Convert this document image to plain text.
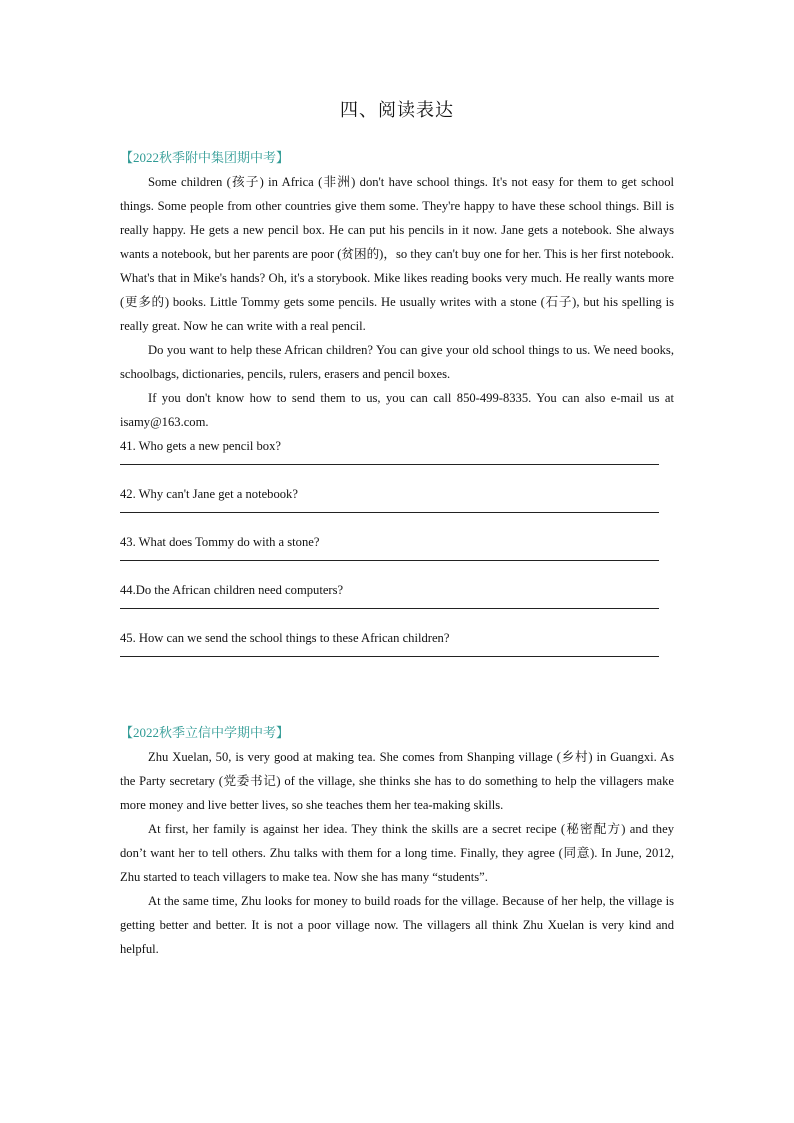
四、阅读表达
【2022秋季附中集团期中考】

Some children (孩子) in Africa (非洲) don't have school things. It's not easy for them to get school things. Some people from other countries give them some. They're happy to have these school things. Bill is really happy. He gets a new pencil box. He can put his pencils in it now. Jane gets a notebook. She always wants a notebook, but her parents are poor (贫困的)，so they can't buy one for her. This is her first notebook. What's that in Mike's hands? Oh, it's a storybook. Mike likes reading books very much. He really wants more (更多的) books. Little Tommy gets some pencils. He usually writes with a stone (石子), but his spelling is really great. Now he can write with a real pencil.

Do you want to help these African children? You can give your old school things to us. We need books, schoolbags, dictionaries, pencils, rulers, erasers and pencil boxes.

If you don't know how to send them to us, you can call 850-499-8335. You can also e-mail us at isamy@163.com.

41. Who gets a new pencil box?
42. Why can't Jane get a notebook?
43. What does Tommy do with a stone?
44.Do the African children need computers?
45. How can we send the school things to these African children?
【2022秋季立信中学期中考】

Zhu Xuelan, 50, is very good at making tea. She comes from Shanping village (乡村) in Guangxi. As the Party secretary (党委书记) of the village, she thinks she has to do something to help the villagers make more money and live better lives, so she teaches them her tea-making skills.

At first, her family is against her idea. They think the skills are a secret recipe (秘密配方) and they don’t want her to tell others. Zhu talks with them for a long time. Finally, they agree (同意). In June, 2012, Zhu started to teach villagers to make tea. Now she has many “students”.

At the same time, Zhu looks for money to build roads for the village. Because of her help, the village is getting better and better. It is not a poor village now. The villagers all think Zhu Xuelan is very kind and helpful.
